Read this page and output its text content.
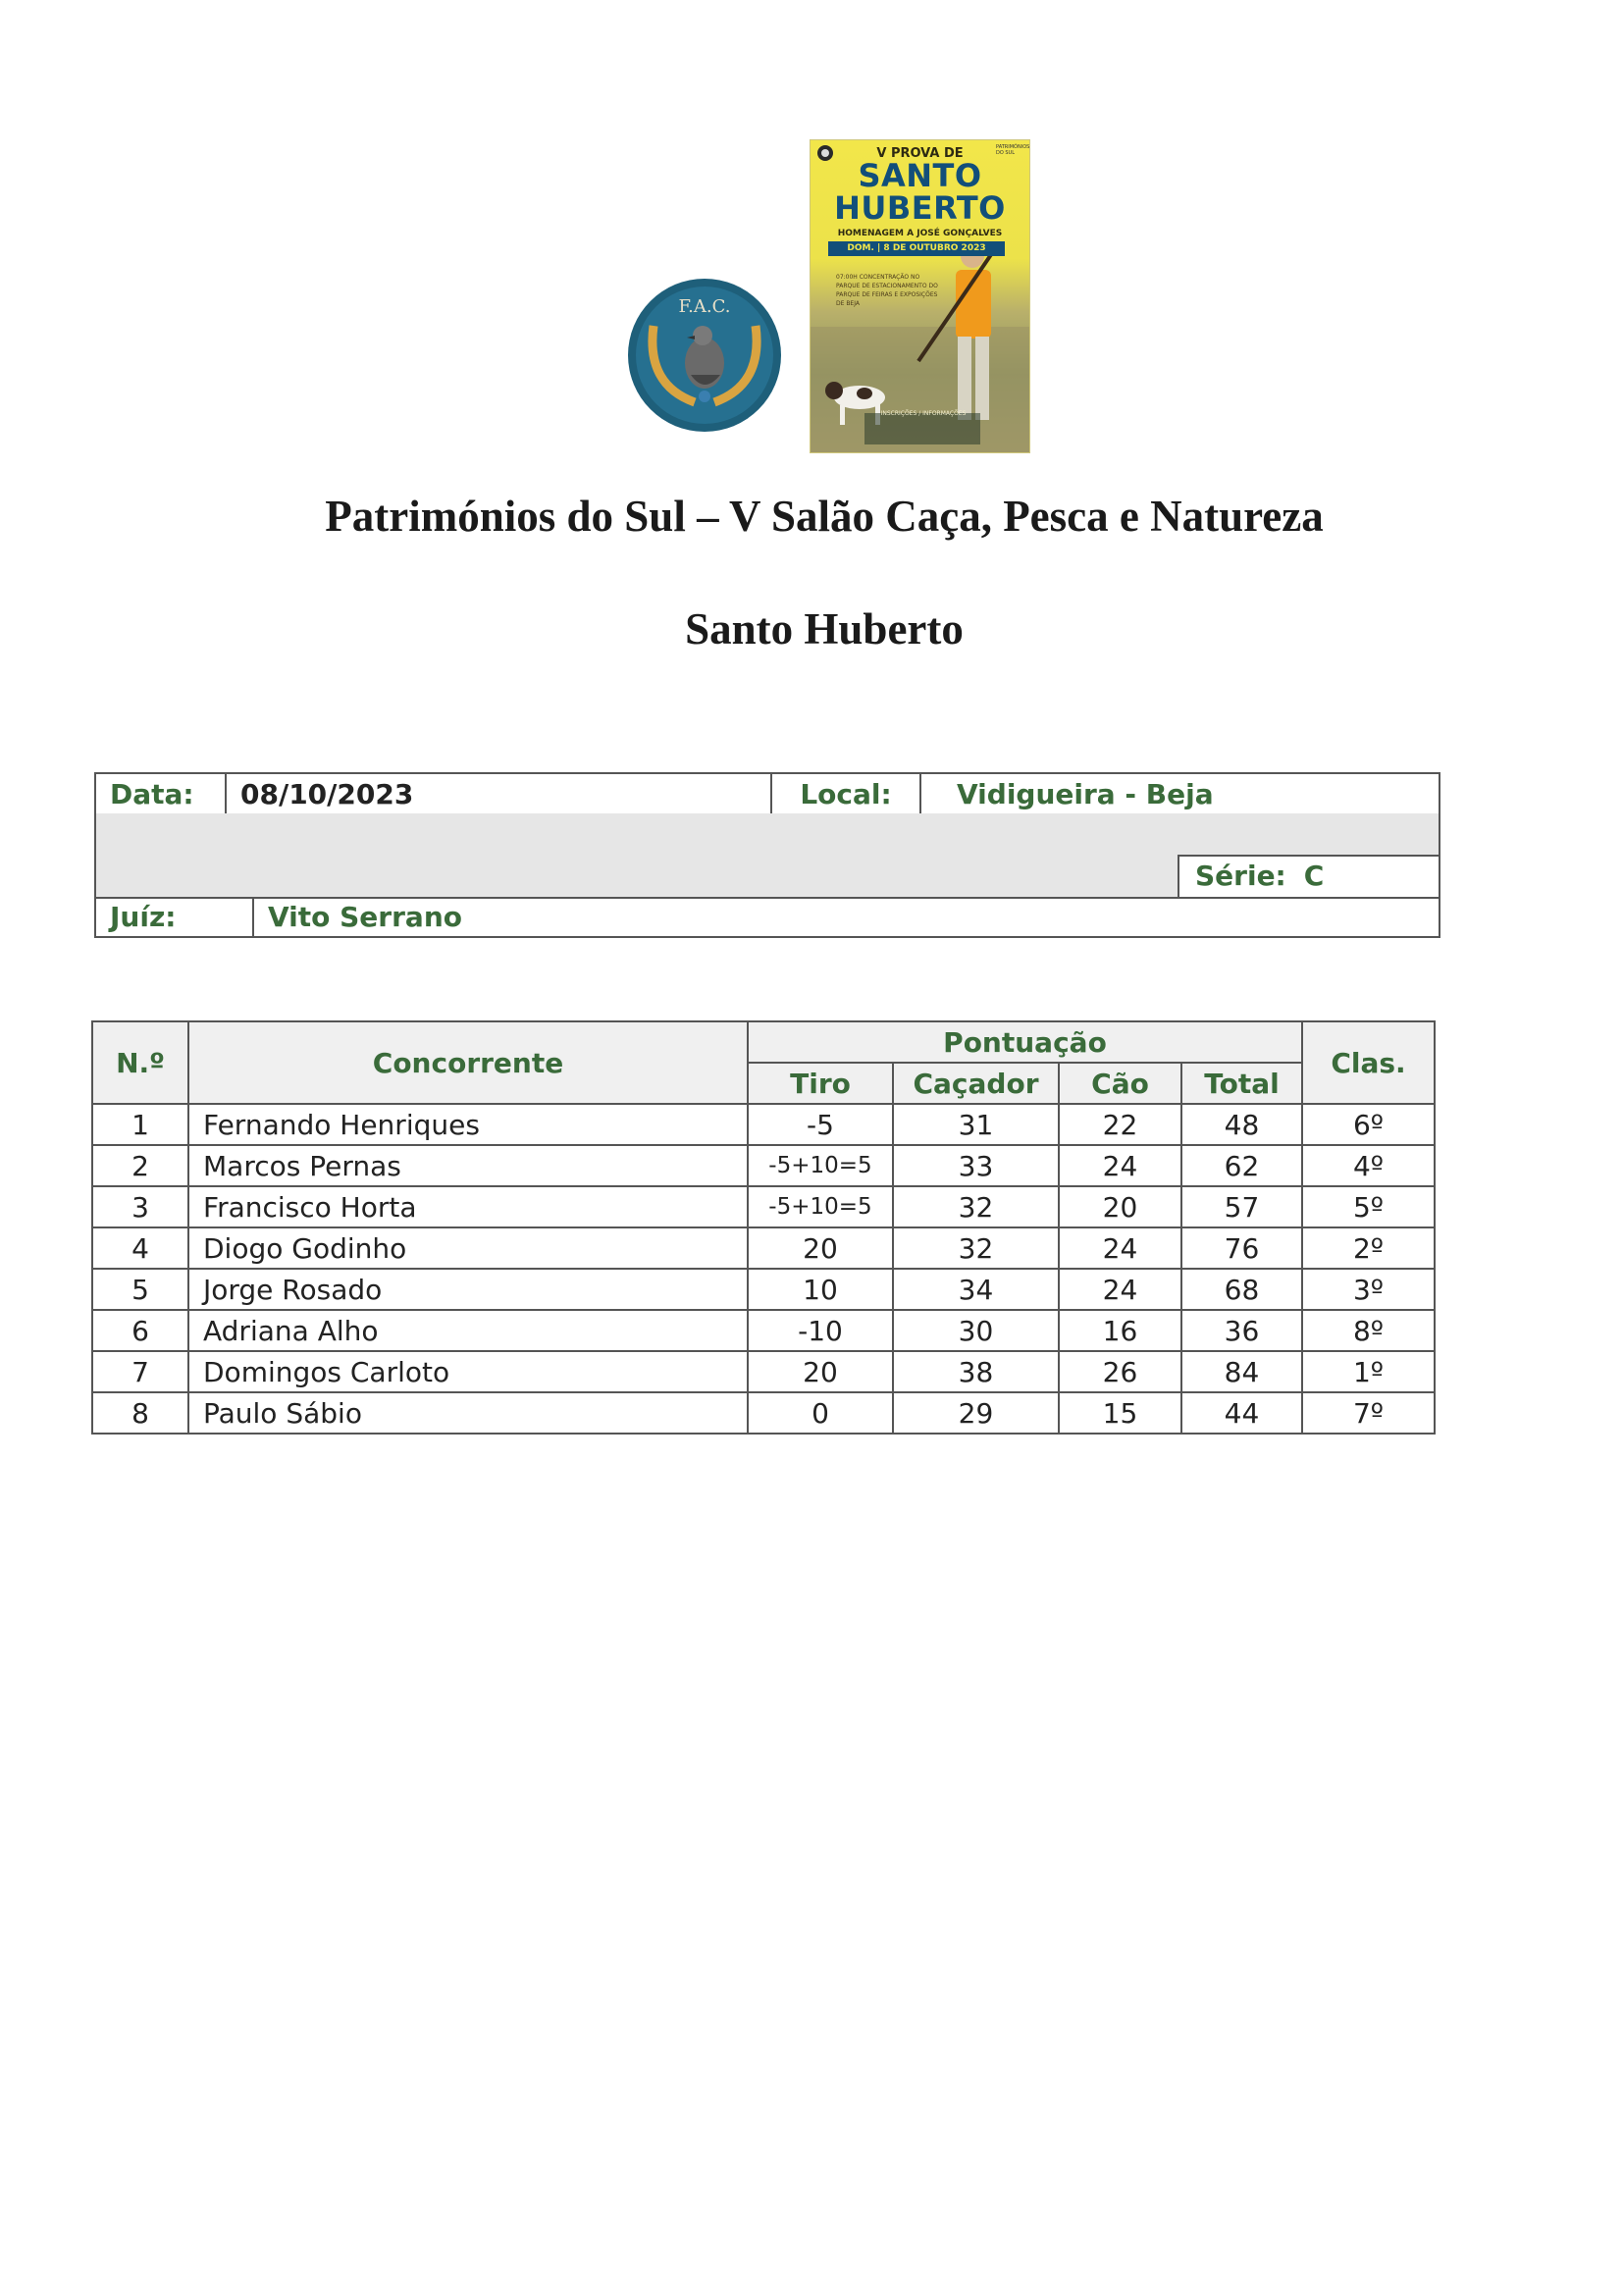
F.A.C.
V PROVA DE
SANTO
HUBERTO
HOMENAGEM A JOSÉ GONÇALVES
DOM. | 8 DE OUTUBRO 2023
07:00H CONCENTRAÇÃO NO PARQUE DE ESTACIONAMENTO DO PARQUE DE FEIRAS E EXPOSIÇÕES DE BEJA
INSCRIÇÕES / INFORMAÇÕES
PATRIMÓNIOS DO SUL
Patrimónios do Sul – V Salão Caça, Pesca e Natureza
Santo Huberto
Data: 08/10/2023	Local: Vidigueira - Beja
Série: C
Juíz:	Vito Serrano
N.º	Concorrente	Pontuação				Clas.
		Tiro	Caçador	Cão	Total	
1	Fernando Henriques	-5	31	22	48	6º
2	Marcos Pernas	-5+10=5	33	24	62	4º
3	Francisco Horta	-5+10=5	32	20	57	5º
4	Diogo Godinho	20	32	24	76	2º
5	Jorge Rosado	10	34	24	68	3º
6	Adriana Alho	-10	30	16	36	8º
7	Domingos Carloto	20	38	26	84	1º
8	Paulo Sábio	0	29	15	44	7º
